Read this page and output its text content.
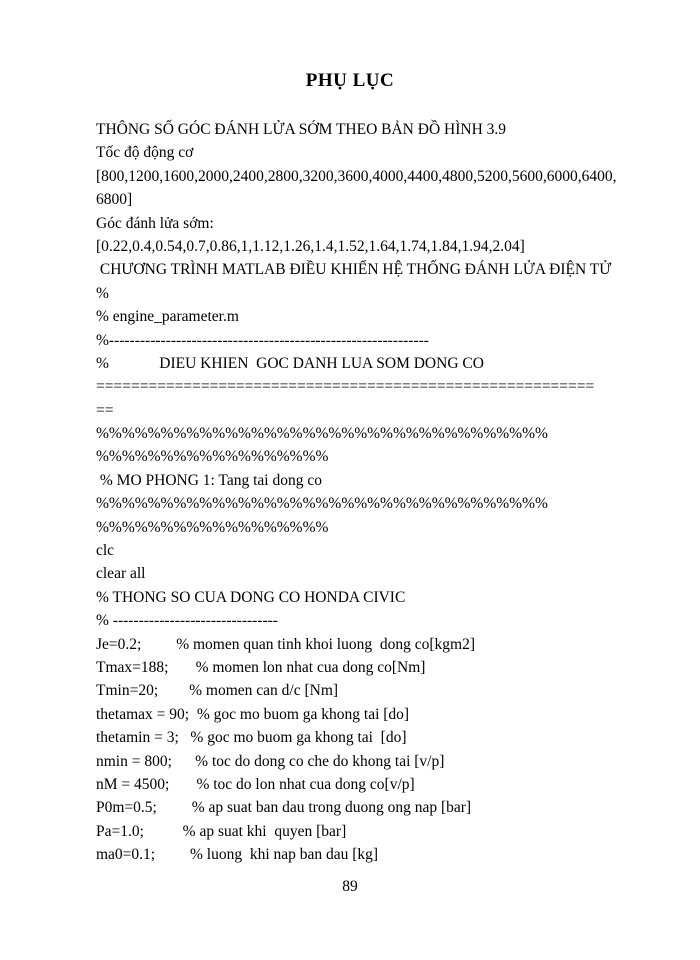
PHỤ LỤC
THÔNG SỐ GÓC ĐÁNH LỬA SỚM THEO BẢN ĐỒ HÌNH 3.9
Tốc độ động cơ
[800,1200,1600,2000,2400,2800,3200,3600,4000,4400,4800,5200,5600,6000,6400,
6800]
Góc đánh lửa sớm:
[0.22,0.4,0.54,0.7,0.86,1,1.12,1.26,1.4,1.52,1.64,1.74,1.84,1.94,2.04]
CHƯƠNG TRÌNH MATLAB ĐIỀU KHIỂN HỆ THỐNG ĐÁNH LỬA ĐIỆN TỬ
%
% engine_parameter.m
%--------------------------------------------------------------
%             DIEU KHIEN  GOC DANH LUA SOM DONG CO
=========================================================
==
%%%%%%%%%%%%%%%%%%%%%%%%%%%%%%%%%%%
%%%%%%%%%%%%%%%%%%
% MO PHONG 1: Tang tai dong co
%%%%%%%%%%%%%%%%%%%%%%%%%%%%%%%%%%%
%%%%%%%%%%%%%%%%%%
clc
clear all
% THONG SO CUA DONG CO HONDA CIVIC
% --------------------------------
Je=0.2;         % momen quan tinh khoi luong  dong co[kgm2]
Tmax=188;       % momen lon nhat cua dong co[Nm]
Tmin=20;        % momen can d/c [Nm]
thetamax = 90;  % goc mo buom ga khong tai [do]
thetamin = 3;   % goc mo buom ga khong tai  [do]
nmin = 800;      % toc do dong co che do khong tai [v/p]
nM = 4500;       % toc do lon nhat cua dong co[v/p]
P0m=0.5;         % ap suat ban dau trong duong ong nap [bar]
Pa=1.0;          % ap suat khi  quyen [bar]
ma0=0.1;         % luong  khi nap ban dau [kg]
89
